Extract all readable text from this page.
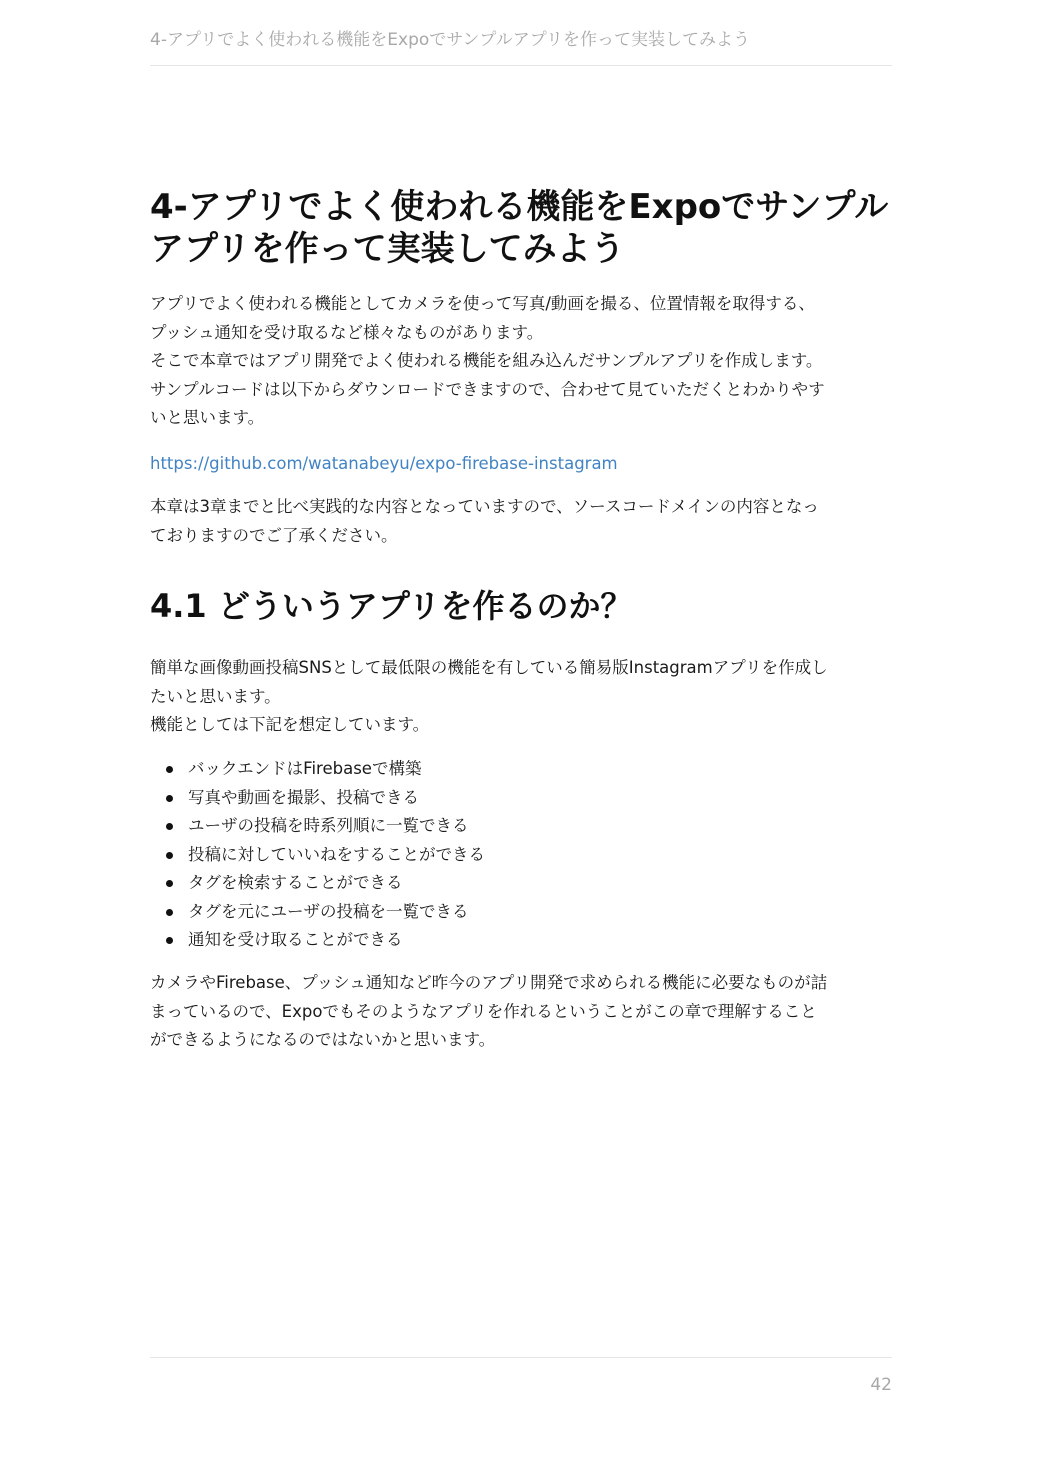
4-アプリでよく使われる機能をExpoでサンプルアプリを作って実装してみよう
4-アプリでよく使われる機能をExpoでサンプルアプリを作って実装してみよう
アプリでよく使われる機能としてカメラを使って写真/動画を撮る、位置情報を取得する、
プッシュ通知を受け取るなど様々なものがあります。
そこで本章ではアプリ開発でよく使われる機能を組み込んだサンプルアプリを作成します。
サンプルコードは以下からダウンロードできますので、合わせて見ていただくとわかりやす
いと思います。
https://github.com/watanabeyu/expo-firebase-instagram
本章は3章までと比べ実践的な内容となっていますので、ソースコードメインの内容となっ
ておりますのでご了承ください。
4.1 どういうアプリを作るのか？
簡単な画像動画投稿SNSとして最低限の機能を有している簡易版Instagramアプリを作成し
たいと思います。
機能としては下記を想定しています。
バックエンドはFirebaseで構築
写真や動画を撮影、投稿できる
ユーザの投稿を時系列順に一覧できる
投稿に対していいねをすることができる
タグを検索することができる
タグを元にユーザの投稿を一覧できる
通知を受け取ることができる
カメラやFirebase、プッシュ通知など昨今のアプリ開発で求められる機能に必要なものが詰
まっているので、Expoでもそのようなアプリを作れるということがこの章で理解すること
ができるようになるのではないかと思います。
42
